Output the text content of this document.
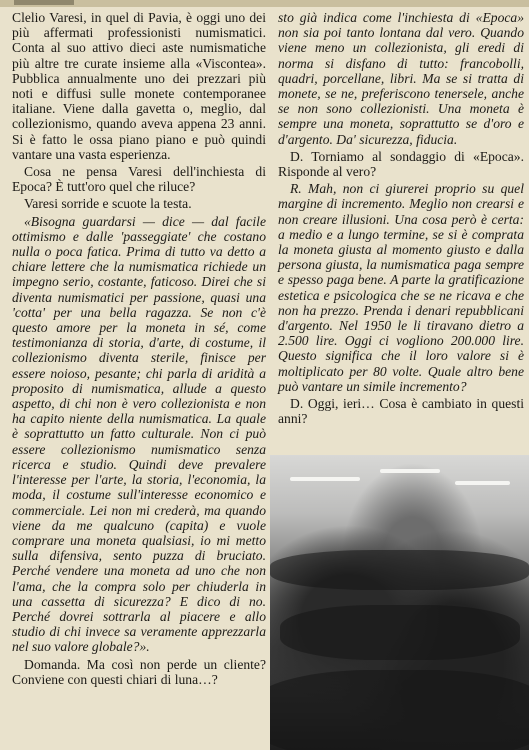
Clelio Varesi, in quel di Pavia, è oggi uno dei più affermati professionisti numismatici. Conta al suo attivo dieci aste numismatiche più altre tre curate insieme alla «Viscontea». Pubblica annualmente uno dei prezzari più noti e diffusi sulle monete contemporanee italiane. Viene dalla gavetta o, meglio, dal collezionismo, quando aveva appena 23 anni. Si è fatto le ossa piano piano e può quindi vantare una vasta esperienza.

Cosa ne pensa Varesi dell'inchiesta di Epoca? È tutt'oro quel che riluce?

Varesi sorride e scuote la testa.

«Bisogna guardarsi — dice — dal facile ottimismo e dalle 'passeggiate' che costano nulla o poca fatica. Prima di tutto va detto a chiare lettere che la numismatica richiede un impegno serio, costante, faticoso. Direi che si diventa numismatici per passione, quasi una 'cotta' per una bella ragazza. Se non c'è questo amore per la moneta in sé, come testimonianza di storia, d'arte, di costume, il collezionismo diventa sterile, finisce per essere noioso, pesante; chi parla di aridità a proposito di numismatica, allude a questo aspetto, di chi non è vero collezionista e non ha capito niente della numismatica. La quale è soprattutto un fatto culturale. Non ci può essere collezionismo numismatico senza ricerca e studio. Quindi deve prevalere l'interesse per l'arte, la storia, l'economia, la moda, il costume sull'interesse economico e commerciale. Lei non mi crederà, ma quando viene da me qualcuno (capita) e vuole comprare una moneta qualsiasi, io mi metto sulla difensiva, sento puzza di bruciato. Perché vendere una moneta ad uno che non l'ama, che la compra solo per chiuderla in una cassetta di sicurezza? E dico di no. Perché dovrei sottrarla al piacere e allo studio di chi invece sa veramente apprezzarla nel suo valore globale?».

Domanda. Ma così non perde un cliente? Conviene con questi chiari di luna…?

sto già indica come l'inchiesta di «Epoca» non sia poi tanto lontana dal vero. Quando viene meno un collezionista, gli eredi di norma si disfano di tutto: francobolli, quadri, porcellane, libri. Ma se si tratta di monete, se ne, preferiscono tenersele, anche se non sono collezionisti. Una moneta è sempre una moneta, soprattutto se d'oro e d'argento. Da' sicurezza, fiducia.

D. Torniamo al sondaggio di «Epoca». Risponde al vero?

R. Mah, non ci giurerei proprio su quel margine di incremento. Meglio non crearsi e non creare illusioni. Una cosa però è certa: a medio e a lungo termine, se si è comprata la moneta giusta al momento giusto e dalla persona giusta, la numismatica paga sempre e spesso paga bene. A parte la gratificazione estetica e psicologica che se ne ricava e che non ha prezzo. Prenda i denari repubblicani d'argento. Nel 1950 le li tiravano dietro a 2.500 lire. Oggi ci vogliono 200.000 lire. Questo significa che il loro valore si è moltiplicato per 80 volte. Quale altro bene può vantare un simile incremento?

D. Oggi, ieri… Cosa è cambiato in questi anni?
